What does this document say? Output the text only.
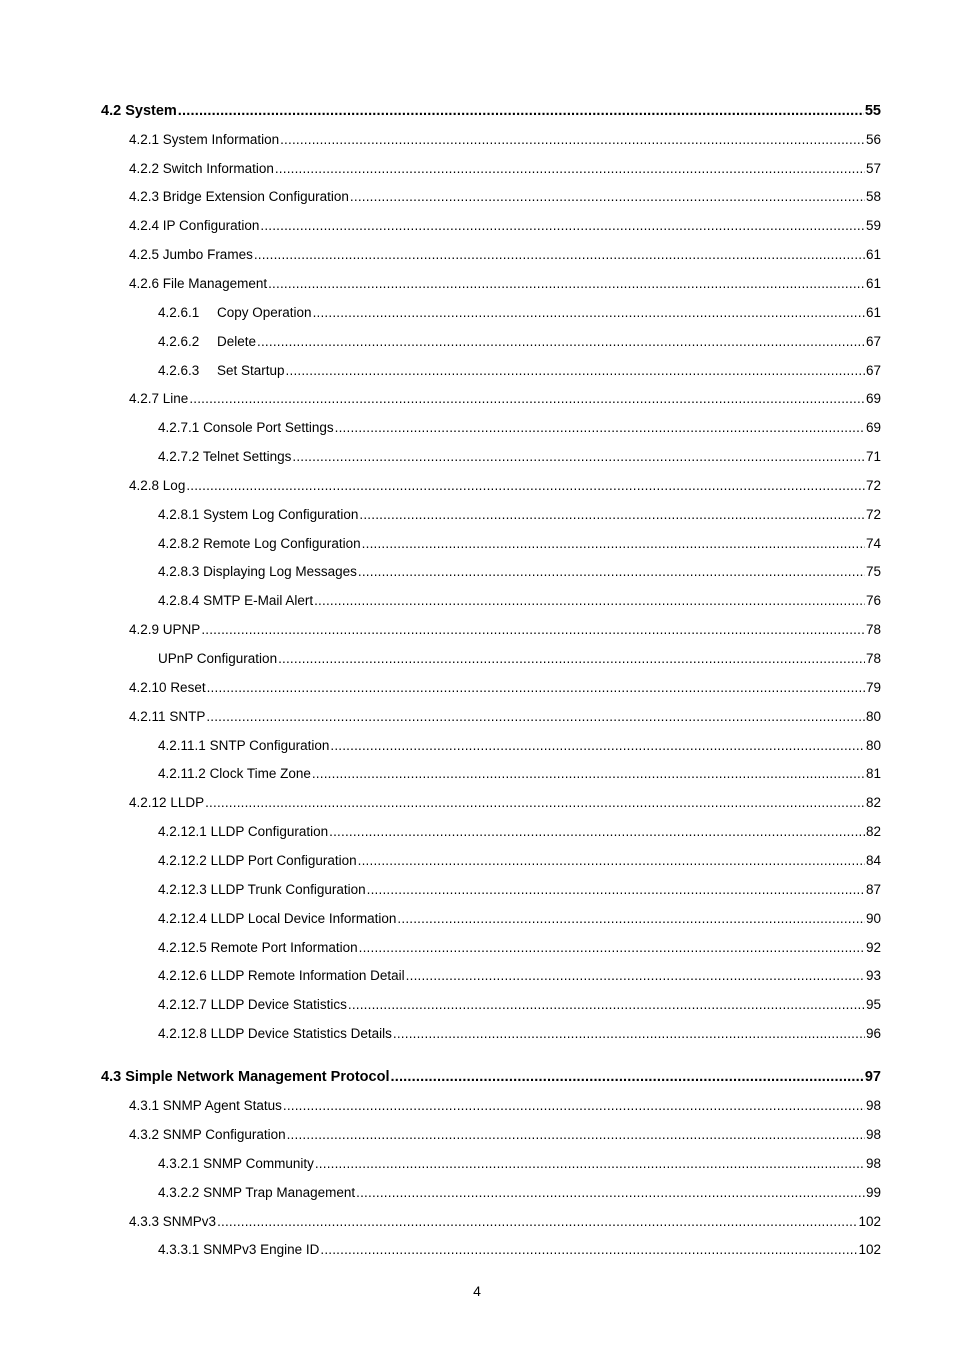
4.2 System .....	55
4.2.1 System Information .....	56
4.2.2 Switch Information .....	57
4.2.3 Bridge Extension Configuration .....	58
4.2.4 IP Configuration .....	59
4.2.5 Jumbo Frames .....	61
4.2.6 File Management .....	61
4.2.6.1 Copy Operation .....	61
4.2.6.2 Delete .....	67
4.2.6.3 Set Startup .....	67
4.2.7 Line .....	69
4.2.7.1 Console Port Settings .....	69
4.2.7.2 Telnet Settings .....	71
4.2.8 Log .....	72
4.2.8.1 System Log Configuration .....	72
4.2.8.2 Remote Log Configuration .....	74
4.2.8.3 Displaying Log Messages .....	75
4.2.8.4 SMTP E-Mail Alert .....	76
4.2.9 UPNP .....	78
UPnP Configuration .....	78
4.2.10 Reset .....	79
4.2.11 SNTP .....	80
4.2.11.1 SNTP Configuration .....	80
4.2.11.2 Clock Time Zone .....	81
4.2.12 LLDP .....	82
4.2.12.1 LLDP Configuration .....	82
4.2.12.2 LLDP Port Configuration .....	84
4.2.12.3 LLDP Trunk Configuration .....	87
4.2.12.4 LLDP Local Device Information .....	90
4.2.12.5 Remote Port Information .....	92
4.2.12.6 LLDP Remote Information Detail .....	93
4.2.12.7 LLDP Device Statistics .....	95
4.2.12.8 LLDP Device Statistics Details .....	96
4.3 Simple Network Management Protocol .....	97
4.3.1 SNMP Agent Status .....	98
4.3.2 SNMP Configuration .....	98
4.3.2.1 SNMP Community .....	98
4.3.2.2 SNMP Trap Management .....	99
4.3.3 SNMPv3 .....	102
4.3.3.1 SNMPv3 Engine ID .....	102
4
